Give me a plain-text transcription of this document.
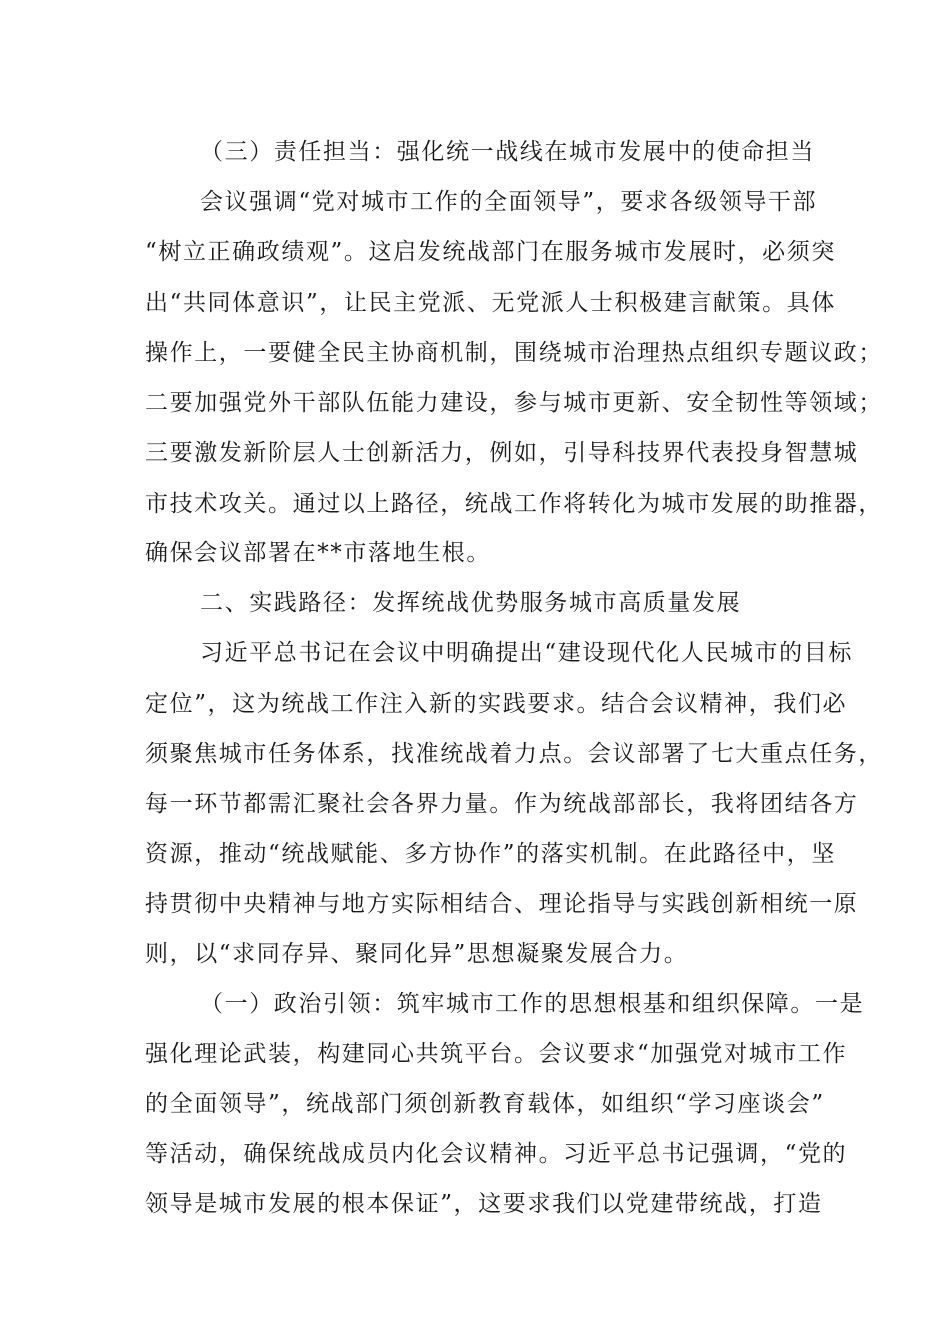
（三）责任担当：强化统一战线在城市发展中的使命担当
会议强调“党对城市工作的全面领导”，要求各级领导干部
“树立正确政绩观”。这启发统战部门在服务城市发展时，必须突
出“共同体意识”，让民主党派、无党派人士积极建言献策。具体
操作上，一要健全民主协商机制，围绕城市治理热点组织专题议政；
二要加强党外干部队伍能力建设，参与城市更新、安全韧性等领域；
三要激发新阶层人士创新活力，例如，引导科技界代表投身智慧城
市技术攻关。通过以上路径，统战工作将转化为城市发展的助推器，
确保会议部署在**市落地生根。
二、实践路径：发挥统战优势服务城市高质量发展
习近平总书记在会议中明确提出“建设现代化人民城市的目标
定位”，这为统战工作注入新的实践要求。结合会议精神，我们必
须聚焦城市任务体系，找准统战着力点。会议部署了七大重点任务，
每一环节都需汇聚社会各界力量。作为统战部部长，我将团结各方
资源，推动“统战赋能、多方协作”的落实机制。在此路径中，坚
持贯彻中央精神与地方实际相结合、理论指导与实践创新相统一原
则，以“求同存异、聚同化异”思想凝聚发展合力。
（一）政治引领：筑牢城市工作的思想根基和组织保障。一是
强化理论武装，构建同心共筑平台。会议要求“加强党对城市工作
的全面领导”，统战部门须创新教育载体，如组织“学习座谈会”
等活动，确保统战成员内化会议精神。习近平总书记强调，“党的
领导是城市发展的根本保证”，这要求我们以党建带统战，打造
